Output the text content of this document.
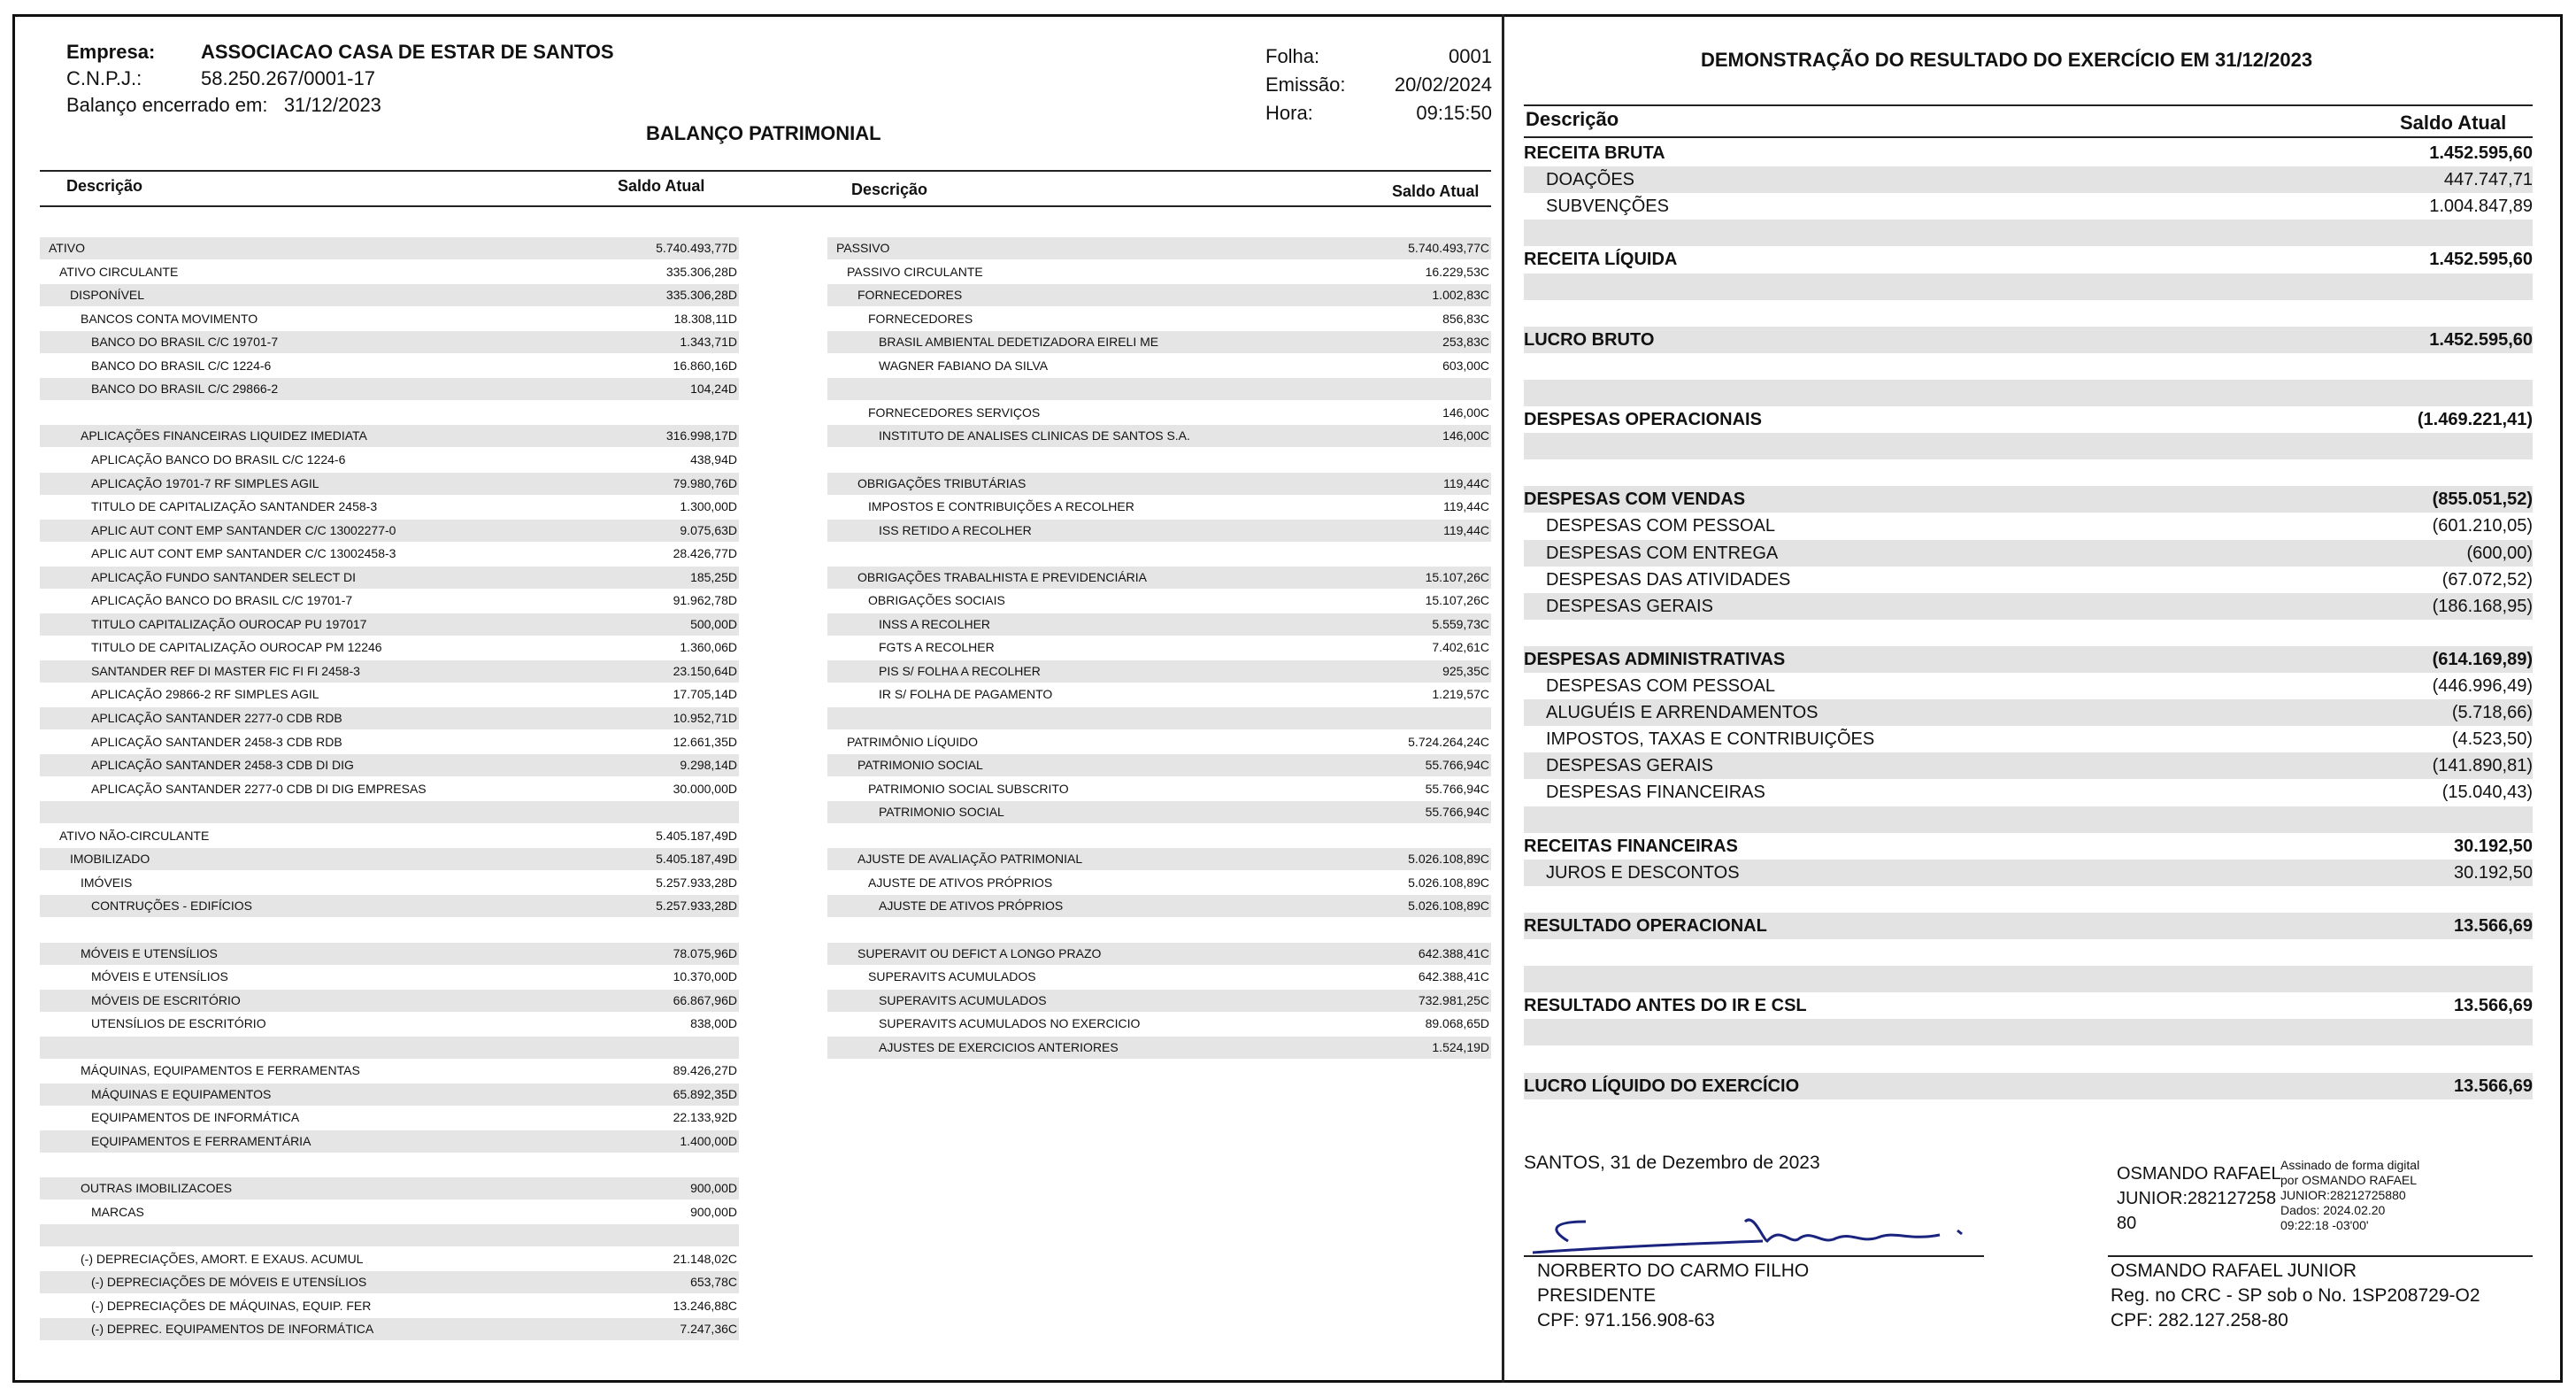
Empresa: ASSOCIACAO CASA DE ESTAR DE SANTOS
C.N.P.J.:	58.250.267/0001-17
Balanço encerrado em: 31/12/2023
Folha:	0001
Emissão:	20/02/2024
Hora:	09:15:50
BALANÇO PATRIMONIAL
Descrição	Saldo Atual	Descrição	Saldo Atual
ATIVO	5.740.493,77D
ATIVO CIRCULANTE	335.306,28D
DISPONÍVEL	335.306,28D
BANCOS CONTA MOVIMENTO	18.308,11D
BANCO DO BRASIL C/C 19701-7	1.343,71D
BANCO DO BRASIL C/C 1224-6	16.860,16D
BANCO DO BRASIL C/C 29866-2	104,24D
APLICAÇÕES FINANCEIRAS LIQUIDEZ IMEDIATA	316.998,17D
APLICAÇÃO BANCO DO BRASIL C/C 1224-6	438,94D
APLICAÇÃO 19701-7 RF SIMPLES AGIL	79.980,76D
TITULO DE CAPITALIZAÇÃO SANTANDER 2458-3	1.300,00D
APLIC AUT CONT EMP SANTANDER C/C 13002277-0	9.075,63D
APLIC AUT CONT EMP SANTANDER C/C 13002458-3	28.426,77D
APLICAÇÃO FUNDO SANTANDER SELECT DI	185,25D
APLICAÇÃO BANCO DO BRASIL C/C 19701-7	91.962,78D
TITULO CAPITALIZAÇÃO OUROCAP PU 197017	500,00D
TITULO DE CAPITALIZAÇÃO OUROCAP PM 12246	1.360,06D
SANTANDER REF DI MASTER FIC FI FI 2458-3	23.150,64D
APLICAÇÃO 29866-2 RF SIMPLES AGIL	17.705,14D
APLICAÇÃO SANTANDER 2277-0 CDB RDB	10.952,71D
APLICAÇÃO SANTANDER 2458-3 CDB RDB	12.661,35D
APLICAÇÃO SANTANDER 2458-3 CDB DI DIG	9.298,14D
APLICAÇÃO SANTANDER 2277-0 CDB DI DIG EMPRESAS	30.000,00D
ATIVO NÃO-CIRCULANTE	5.405.187,49D
IMOBILIZADO	5.405.187,49D
IMÓVEIS	5.257.933,28D
CONTRUÇÕES - EDIFÍCIOS	5.257.933,28D
MÓVEIS E UTENSÍLIOS	78.075,96D
MÓVEIS E UTENSÍLIOS	10.370,00D
MÓVEIS DE ESCRITÓRIO	66.867,96D
UTENSÍLIOS DE ESCRITÓRIO	838,00D
MÁQUINAS, EQUIPAMENTOS E FERRAMENTAS	89.426,27D
MÁQUINAS E EQUIPAMENTOS	65.892,35D
EQUIPAMENTOS DE INFORMÁTICA	22.133,92D
EQUIPAMENTOS E FERRAMENTÁRIA	1.400,00D
OUTRAS IMOBILIZACOES	900,00D
MARCAS	900,00D
(-) DEPRECIAÇÕES, AMORT. E EXAUS. ACUMUL	21.148,02C
(-) DEPRECIAÇÕES DE MÓVEIS E UTENSÍLIOS	653,78C
(-) DEPRECIAÇÕES DE MÁQUINAS, EQUIP. FER	13.246,88C
(-) DEPREC. EQUIPAMENTOS DE INFORMÁTICA	7.247,36C
PASSIVO	5.740.493,77C
PASSIVO CIRCULANTE	16.229,53C
FORNECEDORES	1.002,83C
FORNECEDORES	856,83C
BRASIL AMBIENTAL DEDETIZADORA EIRELI ME	253,83C
WAGNER FABIANO DA SILVA	603,00C
FORNECEDORES SERVIÇOS	146,00C
INSTITUTO DE ANALISES CLINICAS DE SANTOS S.A.	146,00C
OBRIGAÇÕES TRIBUTÁRIAS	119,44C
IMPOSTOS E CONTRIBUIÇÕES A RECOLHER	119,44C
ISS RETIDO A RECOLHER	119,44C
OBRIGAÇÕES TRABALHISTA E PREVIDENCIÁRIA	15.107,26C
OBRIGAÇÕES SOCIAIS	15.107,26C
INSS A RECOLHER	5.559,73C
FGTS A RECOLHER	7.402,61C
PIS S/ FOLHA A RECOLHER	925,35C
IR S/ FOLHA DE PAGAMENTO	1.219,57C
PATRIMÔNIO LÍQUIDO	5.724.264,24C
PATRIMONIO SOCIAL	55.766,94C
PATRIMONIO SOCIAL SUBSCRITO	55.766,94C
PATRIMONIO SOCIAL	55.766,94C
AJUSTE DE AVALIAÇÃO PATRIMONIAL	5.026.108,89C
AJUSTE DE ATIVOS PRÓPRIOS	5.026.108,89C
AJUSTE DE ATIVOS PRÓPRIOS	5.026.108,89C
SUPERAVIT OU DEFICT A LONGO PRAZO	642.388,41C
SUPERAVITS ACUMULADOS	642.388,41C
SUPERAVITS ACUMULADOS	732.981,25C
SUPERAVITS ACUMULADOS NO EXERCICIO	89.068,65D
AJUSTES DE EXERCICIOS ANTERIORES	1.524,19D
DEMONSTRAÇÃO DO RESULTADO DO EXERCÍCIO EM 31/12/2023
Descrição	Saldo Atual
RECEITA BRUTA	1.452.595,60
DOAÇÕES	447.747,71
SUBVENÇÕES	1.004.847,89
RECEITA LÍQUIDA	1.452.595,60
LUCRO BRUTO	1.452.595,60
DESPESAS OPERACIONAIS	(1.469.221,41)
DESPESAS COM VENDAS	(855.051,52)
DESPESAS COM PESSOAL	(601.210,05)
DESPESAS COM ENTREGA	(600,00)
DESPESAS DAS ATIVIDADES	(67.072,52)
DESPESAS GERAIS	(186.168,95)
DESPESAS ADMINISTRATIVAS	(614.169,89)
DESPESAS COM PESSOAL	(446.996,49)
ALUGUÉIS E ARRENDAMENTOS	(5.718,66)
IMPOSTOS, TAXAS E CONTRIBUIÇÕES	(4.523,50)
DESPESAS GERAIS	(141.890,81)
DESPESAS FINANCEIRAS	(15.040,43)
RECEITAS FINANCEIRAS	30.192,50
JUROS E DESCONTOS	30.192,50
RESULTADO OPERACIONAL	13.566,69
RESULTADO ANTES DO IR E CSL	13.566,69
LUCRO LÍQUIDO DO EXERCÍCIO	13.566,69
SANTOS, 31 de Dezembro de 2023
NORBERTO DO CARMO FILHO
PRESIDENTE
CPF: 971.156.908-63
OSMANDO RAFAEL
JUNIOR:282127258
80
Assinado de forma digital
por OSMANDO RAFAEL
JUNIOR:28212725880
Dados: 2024.02.20
09:22:18 -03'00'
OSMANDO RAFAEL JUNIOR
Reg. no CRC - SP sob o No. 1SP208729-O2
CPF: 282.127.258-80
